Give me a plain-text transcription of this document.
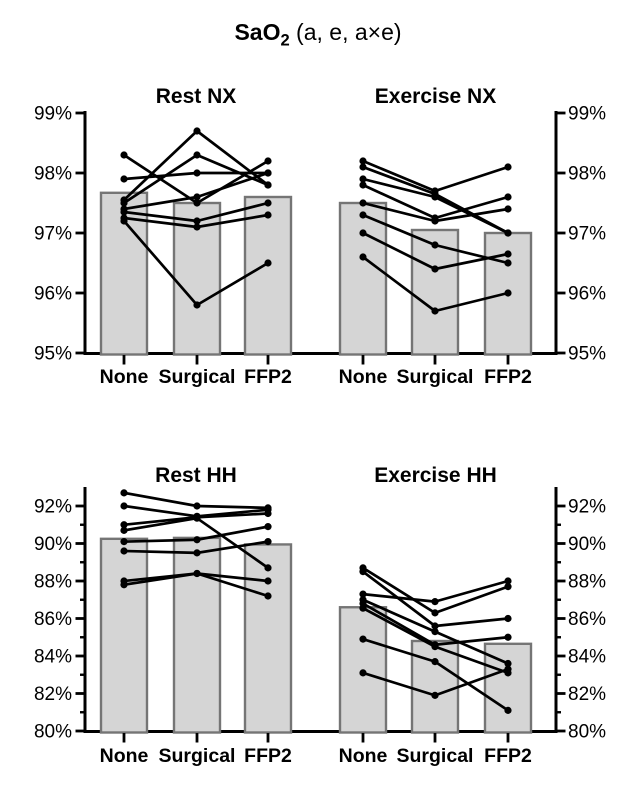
SaO$_2$ (a, e, a×e)
95%	95%
96%	96%
97%	97%
98%	98%
99%	99%
Rest NX
None Surgical FFP2
Exercise NX
None Surgical FFP2
80%	80%
82%	82%
84%	84%
86%	86%
88%	88%
90%	90%
92%	92%
Rest HH
None Surgical FFP2
Exercise HH
None Surgical FFP2
